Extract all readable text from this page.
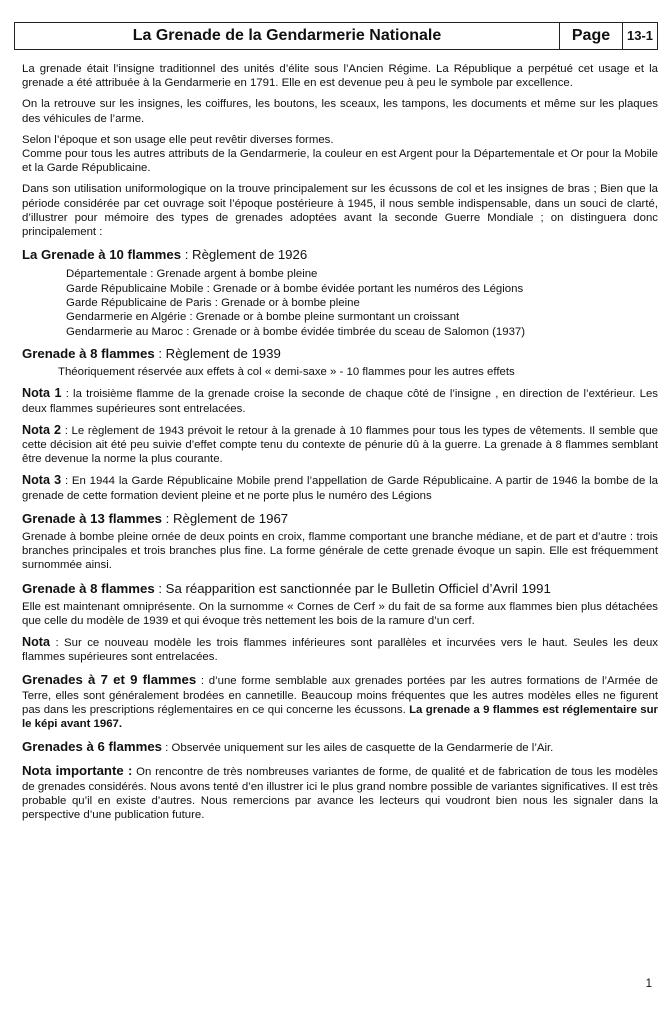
La Grenade de la Gendarmerie Nationale	Page	13-1

La grenade était l’insigne traditionnel des unités d’élite sous l’Ancien Régime. La République a perpétué cet usage et la grenade a été attribuée à la Gendarmerie en 1791. Elle en est devenue peu à peu le symbole par excellence.

On la retrouve sur les insignes, les coiffures, les boutons, les sceaux, les tampons, les documents et même sur les plaques des véhicules de l’arme.

Selon l’époque et son usage elle peut revêtir diverses formes.

Comme pour tous les autres attributs de la Gendarmerie, la couleur en est Argent pour la Départementale et Or pour la Mobile et la Garde Républicaine.

Dans son utilisation uniformologique on la trouve principalement sur les écussons de col et les insignes de bras ; Bien que la période considérée par cet ouvrage soit l’époque postérieure à 1945, il nous semble indispensable, dans un souci de clarté, d’illustrer pour mémoire des types de grenades adoptées avant la seconde Guerre Mondiale ; on distinguera donc principalement :

La Grenade à 10 flammes : Règlement de 1926
Départementale : Grenade argent à bombe pleine
Garde Républicaine Mobile : Grenade or à bombe évidée portant les numéros des Légions
Garde Républicaine de Paris : Grenade or à bombe pleine
Gendarmerie en Algérie : Grenade or à bombe pleine surmontant un croissant
Gendarmerie au Maroc : Grenade or à bombe évidée timbrée du sceau de Salomon (1937)
Grenade à 8 flammes : Règlement de 1939

Théoriquement réservée aux effets à col « demi-saxe » - 10 flammes pour les autres effets

Nota 1 : la troisième flamme de la grenade croise la seconde de chaque côté de l’insigne , en direction de l’extérieur. Les deux flammes supérieures sont entrelacées.

Nota 2 : Le règlement de 1943 prévoit le retour à la grenade à 10 flammes pour tous les types de vêtements. Il semble que cette décision ait été peu suivie d’effet compte tenu du contexte de pénurie dû à la guerre. La grenade à 8 flammes semblant être devenue la norme la plus courante.

Nota 3 : En 1944 la Garde Républicaine Mobile prend l’appellation de Garde Républicaine. A partir de 1946 la bombe de la grenade de cette formation devient pleine et ne porte plus le numéro des Légions

Grenade à 13 flammes : Règlement de 1967

Grenade à bombe pleine ornée de deux points en croix, flamme comportant une branche médiane, et de part et d’autre : trois branches principales et trois branches plus fine. La forme générale de cette grenade évoque un sapin. Elle est fréquemment surnommée ainsi.

Grenade à 8 flammes : Sa réapparition est sanctionnée par le Bulletin Officiel d’Avril 1991

Elle est maintenant omniprésente. On la surnomme « Cornes de Cerf » du fait de sa forme aux flammes bien plus détachées que celle du modèle de 1939 et qui évoque très nettement les bois de la ramure d’un cerf.

Nota : Sur ce nouveau modèle les trois flammes inférieures sont parallèles et incurvées vers le haut. Seules les deux flammes supérieures sont entrelacées.

Grenades à 7 et 9 flammes : d’une forme semblable aux grenades portées par les autres formations de l’Armée de Terre, elles sont généralement brodées en cannetille. Beaucoup moins fréquentes que les autres modèles elles ne figurent pas dans les prescriptions réglementaires en ce qui concerne les écussons. La grenade a 9 flammes est réglementaire sur le képi avant 1967.

Grenades à 6 flammes : Observée uniquement sur les ailes de casquette de la Gendarmerie de l’Air.

Nota importante : On rencontre de très nombreuses variantes de forme, de qualité et de fabrication de tous les modèles de grenades considérés. Nous avons tenté d’en illustrer ici le plus grand nombre possible de variantes significatives. Il est très probable qu’il en existe d’autres. Nous remercions par avance les lecteurs qui voudront bien nous les signaler dans la perspective d’une publication future.

1
